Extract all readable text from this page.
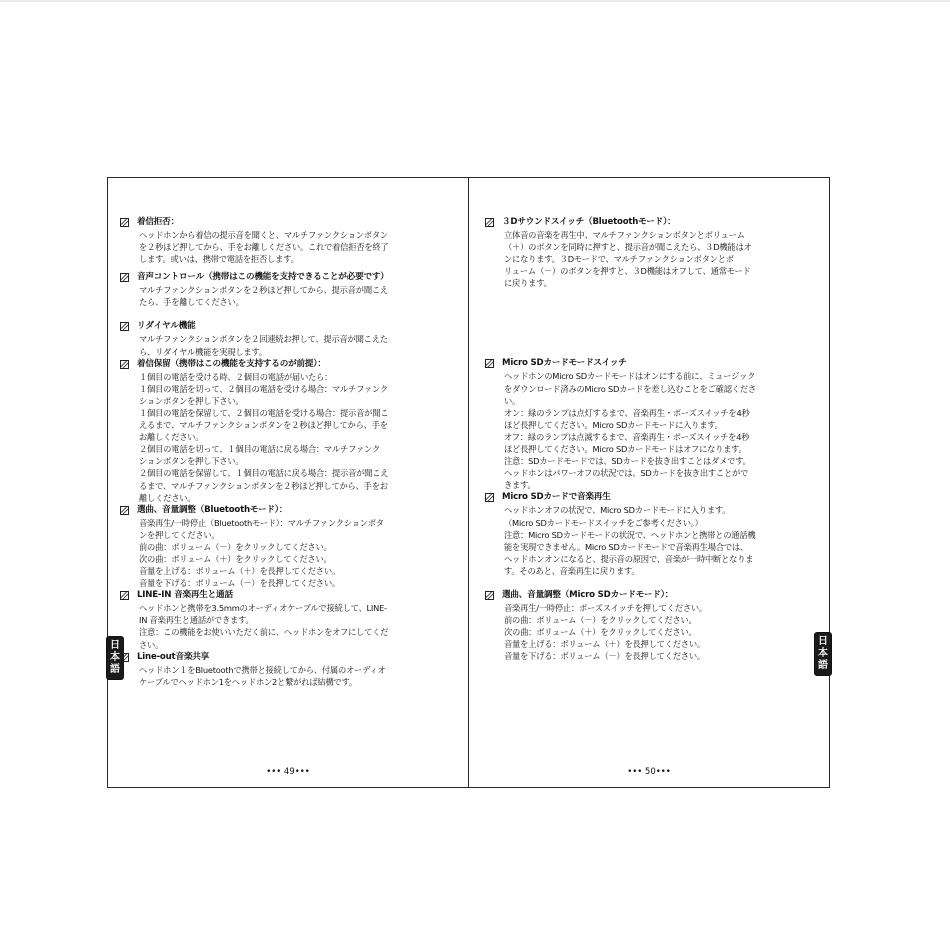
着信拒否：
ヘッドホンから着信の提示音を聞くと、マルチファンクションボタン
を２秒ほど押してから、手をお離しください。これで着信拒否を終了
します。或いは、携帯で電話を拒否します。
音声コントロール（携帯はこの機能を支持できることが必要です）
マルチファンクションボタンを２秒ほど押してから、提示音が聞こえ
たら、手を離してください。
リダイヤル機能
マルチファンクションボタンを２回連続お押して、提示音が聞こえた
ら、リダイヤル機能を実現します。
着信保留（携帯はこの機能を支持するのが前提）：
１個目の電話を受ける時、２個目の電話が届いたら：
１個目の電話を切って、２個目の電話を受ける場合：マルチファンク
ションボタンを押し下さい。
１個目の電話を保留して、２個目の電話を受ける場合：提示音が聞こ
えるまで、マルチファンクションボタンを２秒ほど押してから、手を
お離しください。
２個目の電話を切って、１個目の電話に戻る場合：マルチファンク
ションボタンを押し下さい。
２個目の電話を保留して、１個目の電話に戻る場合：提示音が聞こえ
るまで、マルチファンクションボタンを２秒ほど押してから、手をお
離しください。
選曲、音量調整（Bluetoothモード）：
音楽再生/一時停止（Bluetoothモード）：マルチファンクションボタ
ンを押してください。
前の曲：ボリューム（－）をクリックしてください。
次の曲：ボリューム（＋）をクリックしてください。
音量を上げる：ボリューム（＋）を長押してください。
音量を下げる：ボリューム（－）を長押してください。
LINE-IN 音楽再生と通話
ヘッドホンと携帯を3.5mmのオーディオケーブルで接続して、LINE-
IN 音楽再生と通話ができます。
注意：この機能をお使いいただく前に、ヘッドホンをオフにしてくだ
さい。
Line-out音楽共享
ヘッドホン１をBluetoothで携帯と接続してから、付属のオーディオ
ケーブルでヘッドホン1をヘッドホン2と繋がれば結構です。
••• 49•••
３Dサウンドスイッチ（Bluetoothモード）：
立体音の音楽を再生中、マルチファンクションボタンとボリューム
（＋）のボタンを同時に押すと、提示音が聞こえたら、３D機能はオ
ンになります。３Dモードで、マルチファンクションボタンとボ
リューム（－）のボタンを押すと、３D機能はオフして、通常モード
に戻ります。
Micro SDカードモードスイッチ
ヘッドホンのMicro SDカードモードはオンにする前に、ミュージック
をダウンロード済みのMicro SDカードを差し込むことをご確認くださ
い。
オン：緑のランプは点灯するまで、音楽再生・ポーズスイッチを4秒
ほど長押してください。Micro SDカードモードに入ります。
オフ：緑のランプは点滅するまで、音楽再生・ポーズスイッチを4秒
ほど長押してください。Micro SDカードモードはオフになります。
注意：SDカードモードでは、SDカードを抜き出すことはダメです。
ヘッドホンはパワーオフの状況では、SDカードを抜き出すことがで
きます。
Micro SDカードで音楽再生
ヘッドホンオフの状況で、Micro SDカードモードに入ります。
（Micro SDカードモードスイッチをご参考ください。）
注意：Micro SDカードモードの状況で、ヘッドホンと携帯との通話機
能を実現できません。Micro SDカードモードで音楽再生場合では、
ヘッドホンオンになると、提示音の原因で、音楽が一時中断となりま
す。そのあと、音楽再生に戻ります。
選曲、音量調整（Micro SDカードモード）：
音楽再生/一時停止：ポーズスイッチを押してください。
前の曲：ボリューム（－）をクリックしてください。
次の曲：ボリューム（＋）をクリックしてください。
音量を上げる：ボリューム（＋）を長押してください。
音量を下げる：ボリューム（－）を長押してください。
••• 50•••
日
本
語
日
本
語
